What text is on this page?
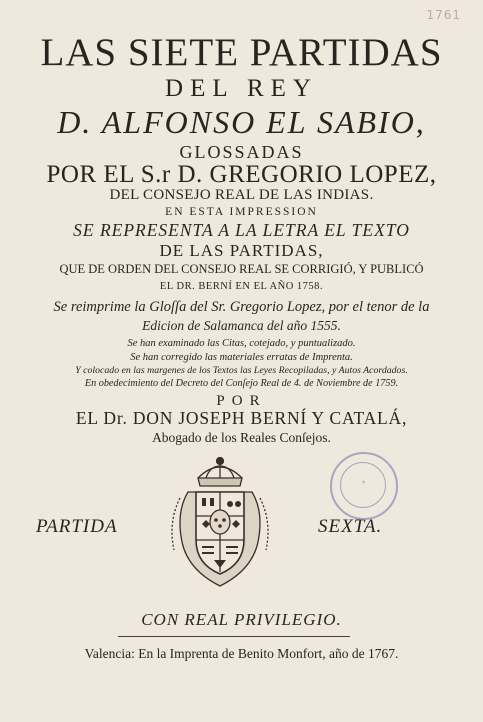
1761
LAS SIETE PARTIDAS
DEL REY
D. ALFONSO EL SABIO,
GLOSSADAS
POR EL S.r D. GREGORIO LOPEZ,
DEL CONSEJO REAL DE LAS INDIAS.
EN ESTA IMPRESSION
SE REPRESENTA A LA LETRA EL TEXTO
DE LAS PARTIDAS,
QUE DE ORDEN DEL CONSEJO REAL SE CORRIGIÓ, Y PUBLICÓ
EL DR. BERNÍ EN EL AÑO 1758.
Se reimprime la Gloſſa del Sr. Gregorio Lopez, por el tenor de la
Edicion de Salamanca del año 1555.
Se han examinado las Citas, cotejado, y puntualizado.
Se han corregido las materiales erratas de Imprenta.
Y colocado en las margenes de los Textos las Leyes Recopiladas, y Autos Acordados.
En obedecimiento del Decreto del Conſejo Real de 4. de Noviembre de 1759.
POR
EL Dr. DON JOSEPH BERNÍ Y CATALÁ,
Abogado de los Reales Conſejos.
PARTIDA	SEXTA.
⚜
CON REAL PRIVILEGIO.
Valencia: En la Imprenta de Benito Monfort, año de 1767.
